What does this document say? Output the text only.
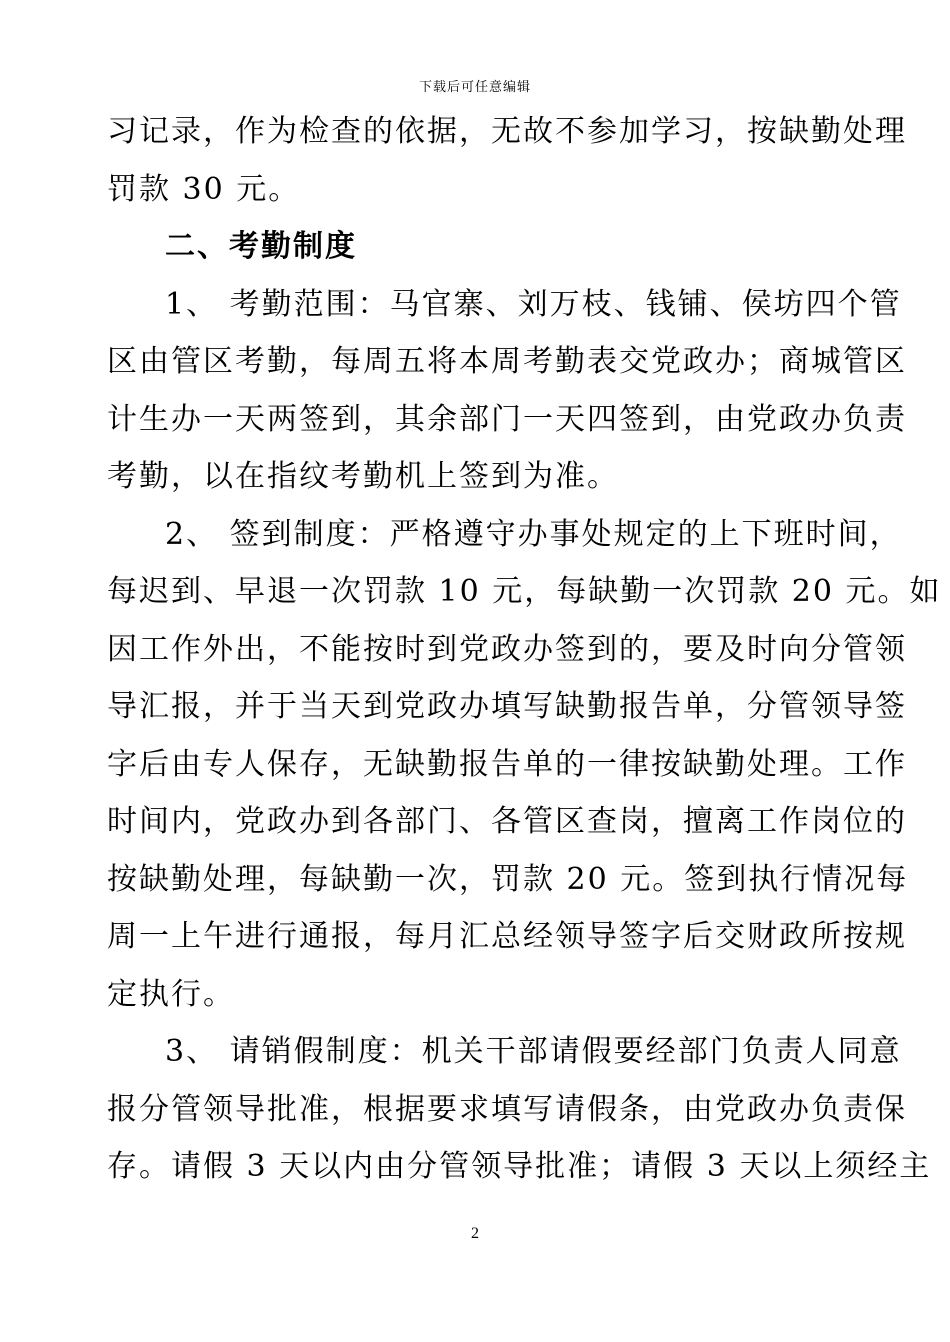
下载后可任意编辑
习记录，作为检查的依据，无故不参加学习，按缺勤处理
罚款 30 元。
二、考勤制度
1、 考勤范围：马官寨、刘万枝、钱铺、侯坊四个管
区由管区考勤，每周五将本周考勤表交党政办；商城管区
计生办一天两签到，其余部门一天四签到，由党政办负责
考勤，以在指纹考勤机上签到为准。
2、 签到制度：严格遵守办事处规定的上下班时间，
每迟到、早退一次罚款 10 元，每缺勤一次罚款 20 元。如
因工作外出，不能按时到党政办签到的，要及时向分管领
导汇报，并于当天到党政办填写缺勤报告单，分管领导签
字后由专人保存，无缺勤报告单的一律按缺勤处理。工作
时间内，党政办到各部门、各管区查岗，擅离工作岗位的
按缺勤处理，每缺勤一次，罚款 20 元。签到执行情况每
周一上午进行通报，每月汇总经领导签字后交财政所按规
定执行。
3、 请销假制度：机关干部请假要经部门负责人同意
报分管领导批准，根据要求填写请假条，由党政办负责保
存。请假 3 天以内由分管领导批准；请假 3 天以上须经主
2
